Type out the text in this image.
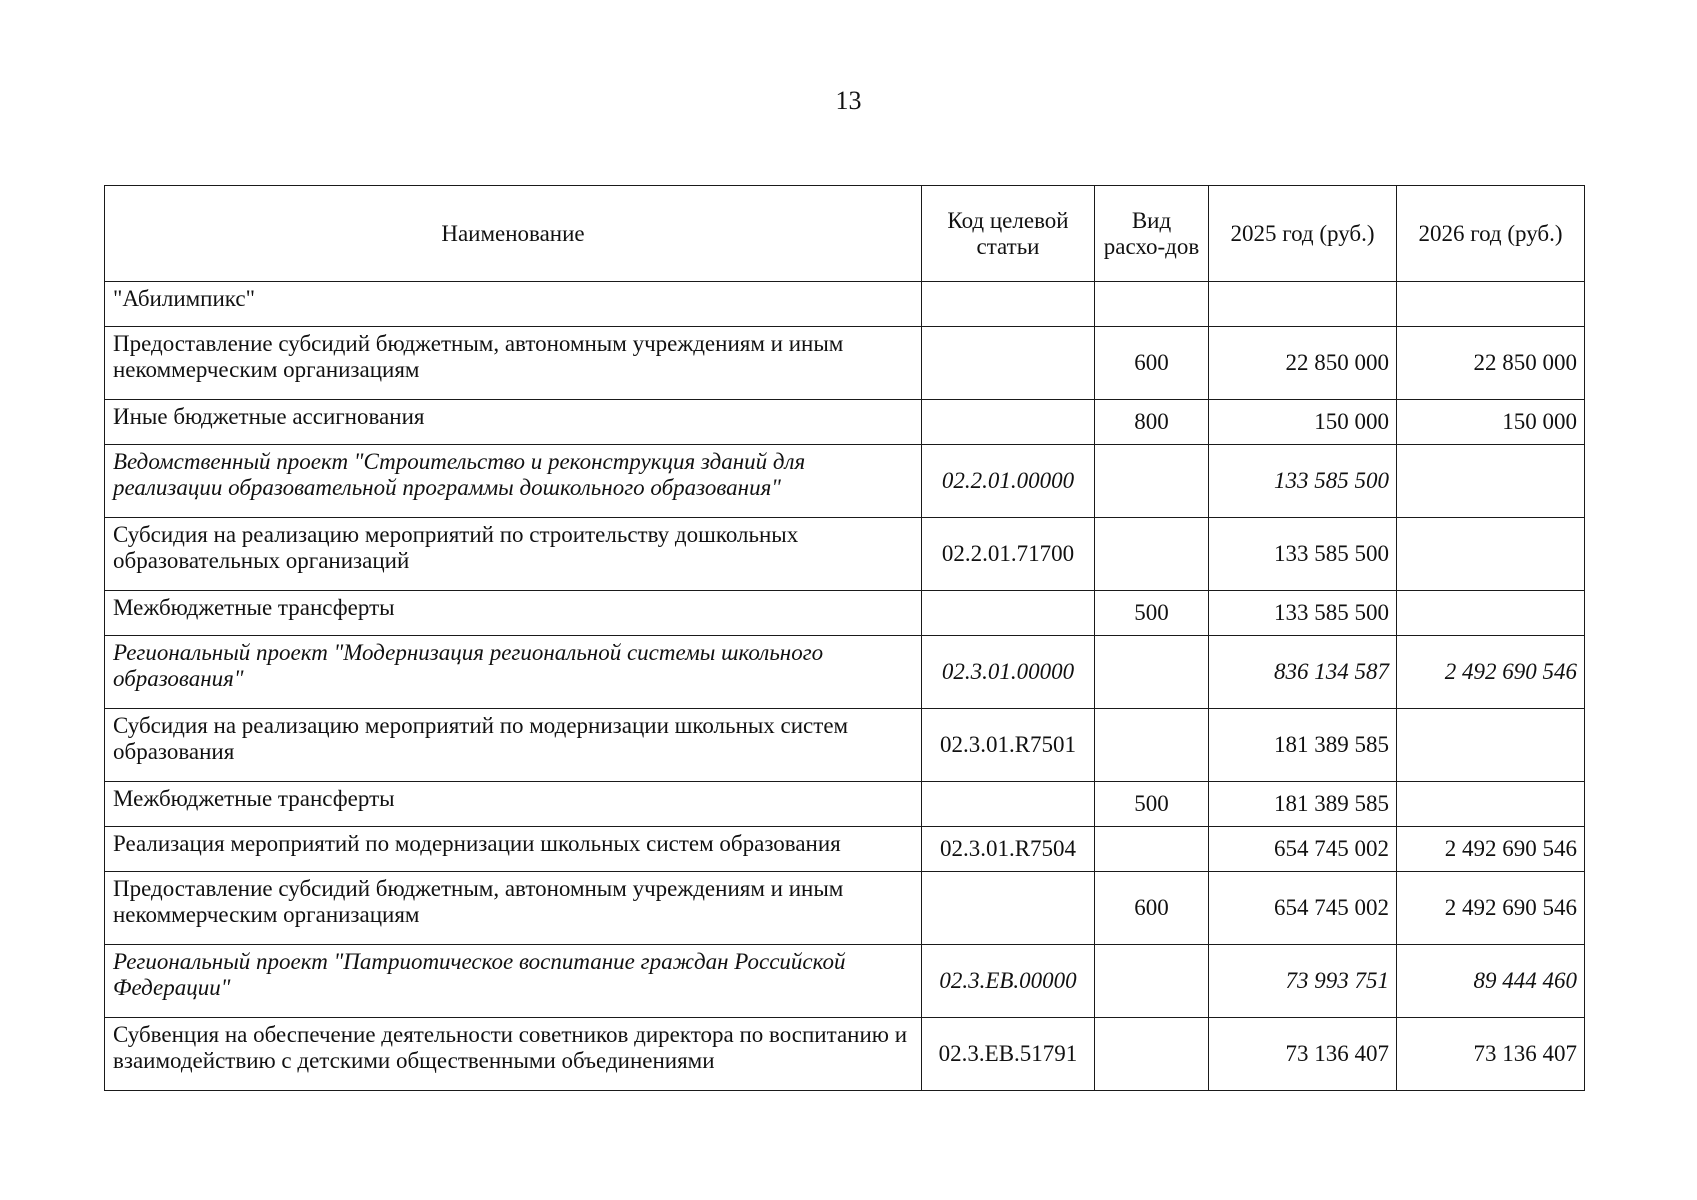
13
Наименование	Код целевой статьи	Вид расхо-дов	2025 год (руб.)	2026 год (руб.)
"Абилимпикс"				
Предоставление субсидий бюджетным, автономным учреждениям и иным некоммерческим организациям		600	22 850 000	22 850 000
Иные бюджетные ассигнования		800	150 000	150 000
Ведомственный проект "Строительство и реконструкция зданий для реализации образовательной программы дошкольного образования"	02.2.01.00000		133 585 500	
Субсидия на реализацию мероприятий по строительству дошкольных образовательных организаций	02.2.01.71700		133 585 500	
Межбюджетные трансферты		500	133 585 500	
Региональный проект "Модернизация региональной системы школьного образования"	02.3.01.00000		836 134 587	2 492 690 546
Субсидия на реализацию мероприятий по модернизации школьных систем образования	02.3.01.R7501		181 389 585	
Межбюджетные трансферты		500	181 389 585	
Реализация мероприятий по модернизации школьных систем образования	02.3.01.R7504		654 745 002	2 492 690 546
Предоставление субсидий бюджетным, автономным учреждениям и иным некоммерческим организациям		600	654 745 002	2 492 690 546
Региональный проект "Патриотическое воспитание граждан Российской Федерации"	02.3.EB.00000		73 993 751	89 444 460
Субвенция на обеспечение деятельности советников директора по воспитанию и взаимодействию с детскими общественными объединениями	02.3.EB.51791		73 136 407	73 136 407
